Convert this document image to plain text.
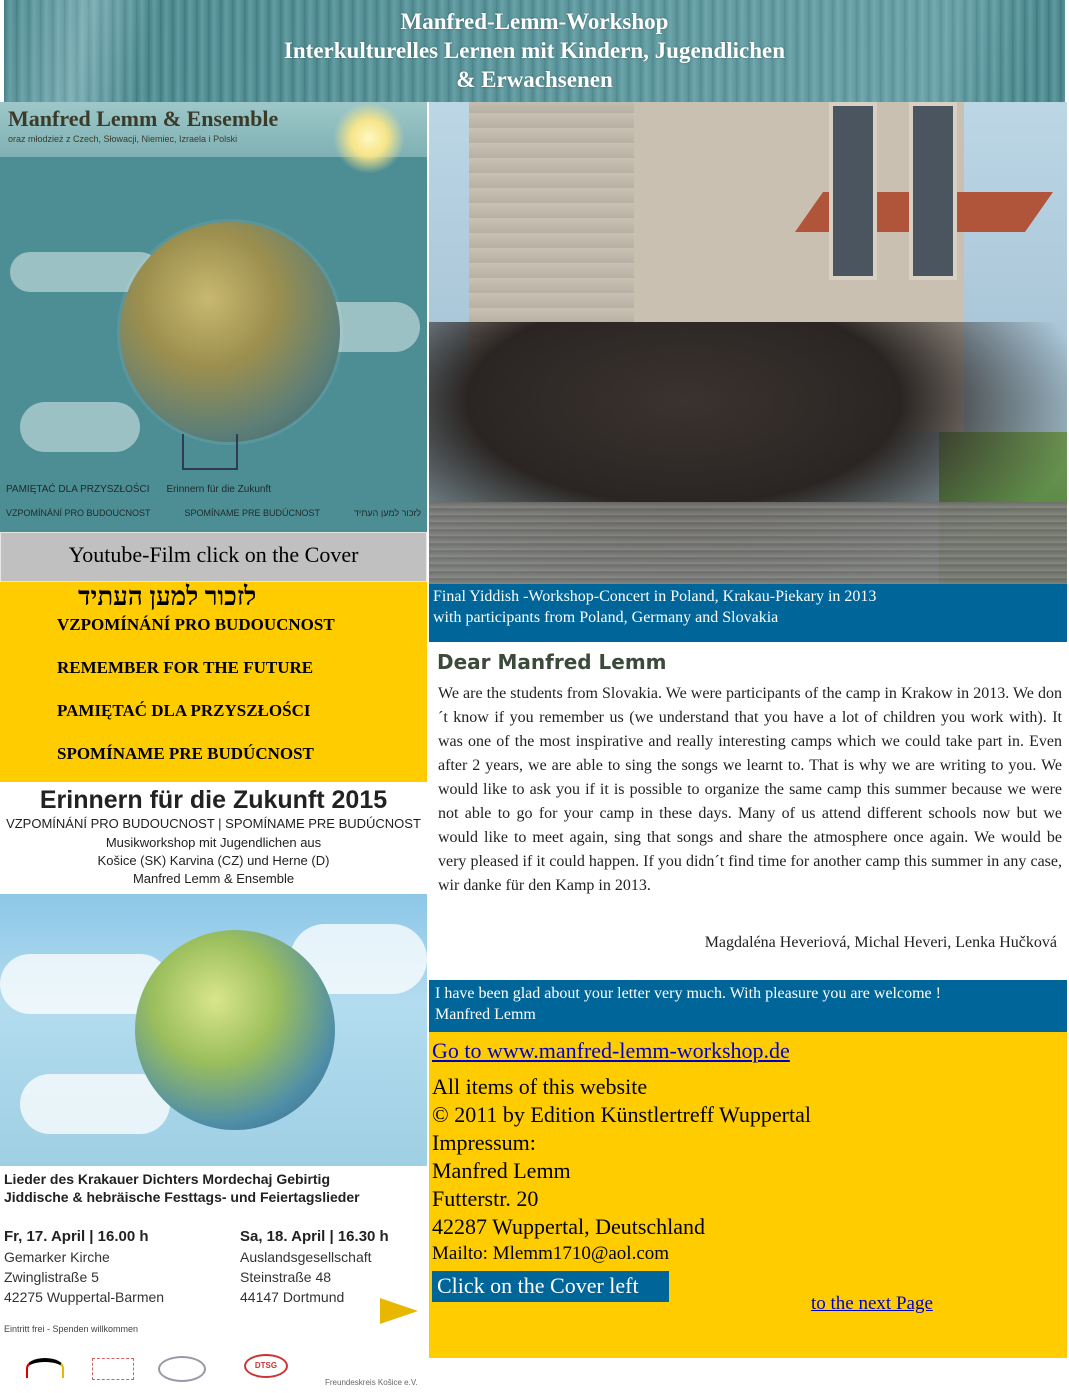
Manfred-Lemm-Workshop
Interkulturelles Lernen mit Kindern, Jugendlichen
& Erwachsenen
Manfred Lemm & Ensemble
oraz młodzież z Czech, Słowacji, Niemiec, Izraela i Polski
PAMIĘTAĆ DLA PRZYSZŁOŚCI Erinnern für die Zukunft
VZPOMÍNÁNÍ PRO BUDOUCNOST	SPOMÍNAME PRE BUDÚCNOST	לזכור למען העתיד
Youtube-Film click on the Cover
לזכור למען העתיד
VZPOMÍNÁNÍ PRO BUDOUCNOST
REMEMBER FOR THE FUTURE
PAMIĘTAĆ DLA PRZYSZŁOŚCI
SPOMÍNAME PRE BUDÚCNOST
Erinnern für die Zukunft 2015
VZPOMÍNÁNÍ PRO BUDOUCNOST | SPOMÍNAME PRE BUDÚCNOST
Musikworkshop mit Jugendlichen aus
Košice (SK) Karvina (CZ) und Herne (D)
Manfred Lemm & Ensemble
Lieder des Krakauer Dichters Mordechaj Gebirtig
Jiddische & hebräische Festtags- und Feiertagslieder
Fr, 17. April | 16.00 h
Gemarker Kirche
Zwinglistraße 5
42275 Wuppertal-Barmen
Sa, 18. April | 16.30 h
Auslandsgesellschaft
Steinstraße 48
44147 Dortmund
Eintritt frei - Spenden willkommen
DTSG
Freundeskreis Košice e.V.
Final Yiddish -Workshop-Concert in Poland, Krakau-Piekary in 2013
with participants from Poland, Germany and Slovakia
Dear Manfred Lemm
We are the students from Slovakia. We were participants of the camp in Krakow in 2013. We don´t know if you remember us (we understand that you have a lot of children you work with). It was one of the most inspirative and really interesting camps which we could take part in. Even after 2 years, we are able to sing the songs we learnt to. That is why we are writing to you. We would like to ask you if it is possible to organize the same camp this summer because we were not able to go for your camp in these days. Many of us attend different schools now but we would like to meet again, sing that songs and share the atmosphere once again. We would be very pleased if it could happen. If you didn´t find time for another camp this summer in any case, wir danke für den Kamp in 2013.
Magdaléna Heveriová, Michal Heveri, Lenka Hučková
I have been glad about your letter very much. With pleasure you are welcome !
Manfred Lemm
Go to www.manfred-lemm-workshop.de
All items of this website
© 2011 by Edition Künstlertreff Wuppertal
Impressum:
Manfred Lemm
Futterstr. 20
42287 Wuppertal, Deutschland
Mailto: Mlemm1710@aol.com
Click on the Cover left
to the next Page
